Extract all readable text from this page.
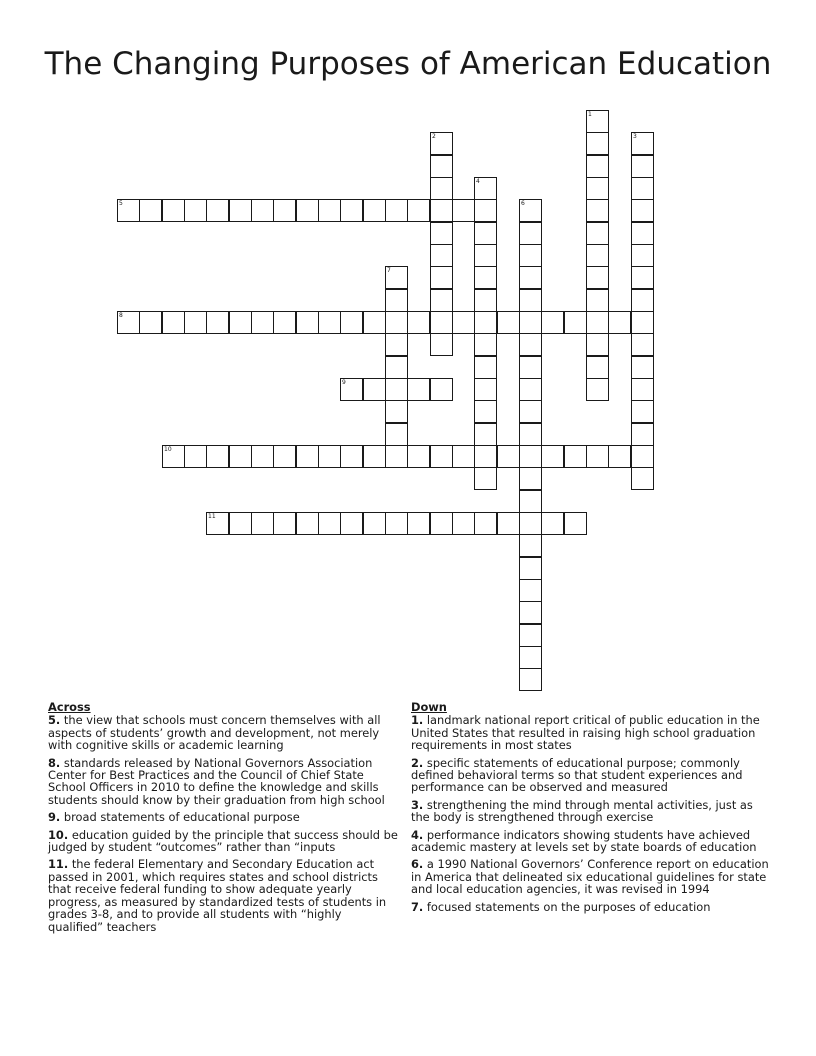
The Changing Purposes of American Education
1
2	3
4
5	6
7
8
9
10
11
Across
5. the view that schools must concern themselves with all aspects of students’ growth and development, not merely with cognitive skills or academic learning
8. standards released by National Governors Association Center for Best Practices and the Council of Chief State School Officers in 2010 to define the knowledge and skills students should know by their graduation from high school
9. broad statements of educational purpose
10. education guided by the principle that success should be judged by student “outcomes” rather than “inputs
11. the federal Elementary and Secondary Education act passed in 2001, which requires states and school districts that receive federal funding to show adequate yearly progress, as measured by standardized tests of students in grades 3-8, and to provide all students with “highly qualified” teachers
Down
1. landmark national report critical of public education in the United States that resulted in raising high school graduation requirements in most states
2. specific statements of educational purpose; commonly defined behavioral terms so that student experiences and performance can be observed and measured
3. strengthening the mind through mental activities, just as the body is strengthened through exercise
4. performance indicators showing students have achieved academic mastery at levels set by state boards of education
6. a 1990 National Governors’ Conference report on education in America that delineated six educational guidelines for state and local education agencies, it was revised in 1994
7. focused statements on the purposes of education
